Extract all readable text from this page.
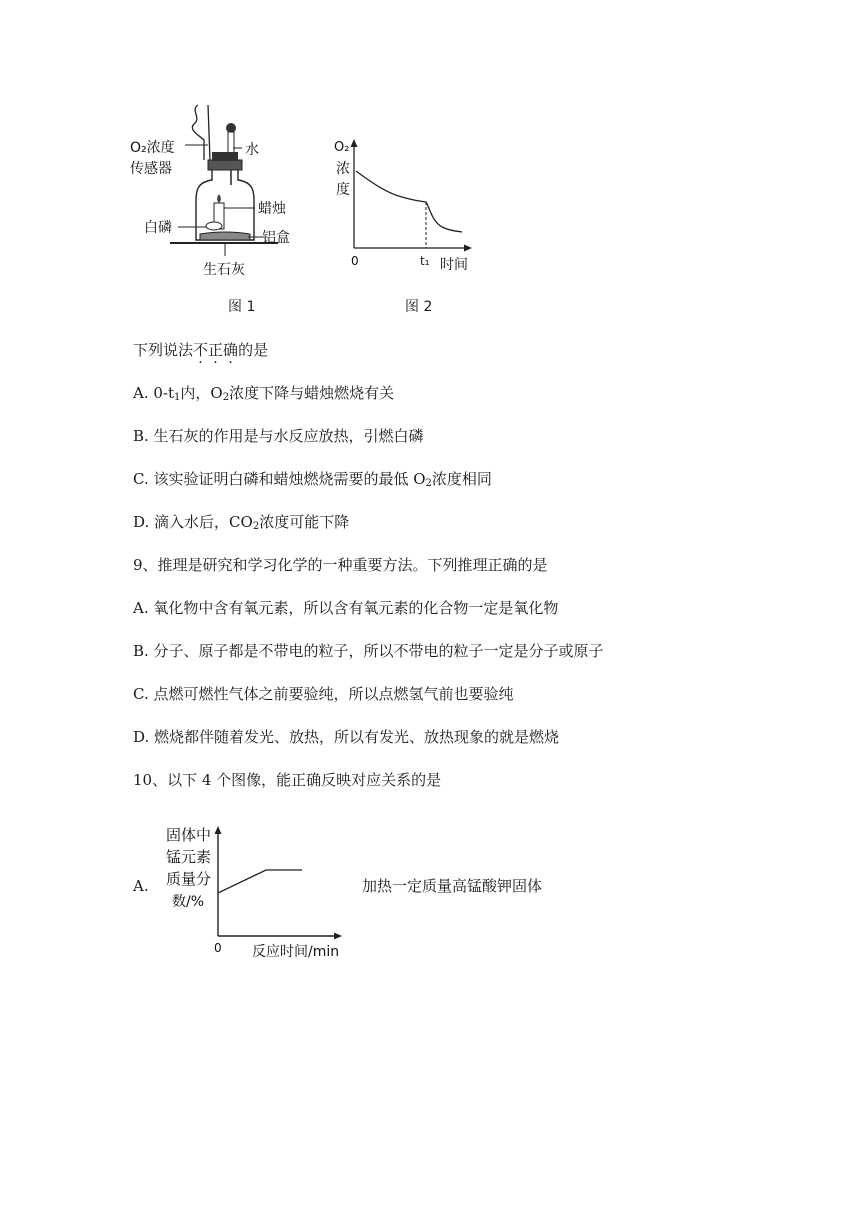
O₂浓度
传感器
水
蜡烛
白磷
铝盒
生石灰
图 1
O₂
浓
度
0	t₁ 时间
图 2
下列说法不正确的是
A. $0-t_1$内，$O_2$浓度下降与蜡烛燃烧有关
B. 生石灰的作用是与水反应放热，引燃白磷
C. 该实验证明白磷和蜡烛燃烧需要的最低 $O_2$浓度相同
D. 滴入水后，$CO_2$浓度可能下降
9、推理是研究和学习化学的一种重要方法。下列推理正确的是
A. 氧化物中含有氧元素，所以含有氧元素的化合物一定是氧化物
B. 分子、原子都是不带电的粒子，所以不带电的粒子一定是分子或原子
C. 点燃可燃性气体之前要验纯，所以点燃氢气前也要验纯
D. 燃烧都伴随着发光、放热，所以有发光、放热现象的就是燃烧
10、以下 4 个图像，能正确反映对应关系的是
A.
固体中
锰元素
质量分
数/%
0 反应时间/min
加热一定质量高锰酸钾固体
